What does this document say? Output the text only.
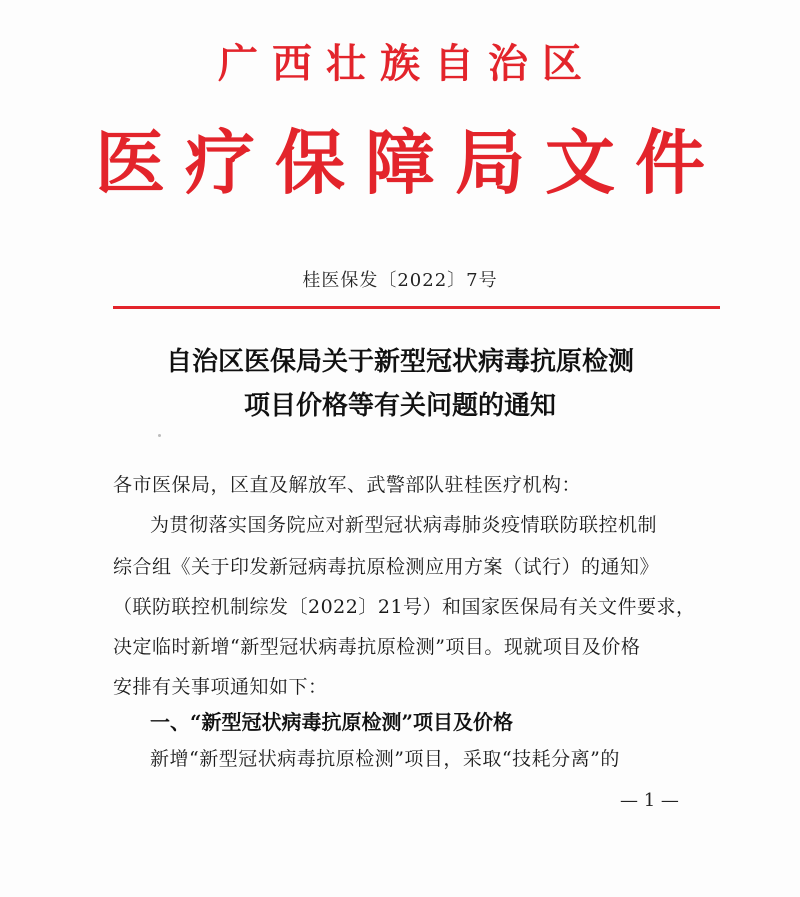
广西壮族自治区
医疗保障局文件
桂医保发〔2022〕7号
自治区医保局关于新型冠状病毒抗原检测
项目价格等有关问题的通知
各市医保局，区直及解放军、武警部队驻桂医疗机构：
为贯彻落实国务院应对新型冠状病毒肺炎疫情联防联控机制
综合组《关于印发新冠病毒抗原检测应用方案（试行）的通知》
（联防联控机制综发〔2022〕21号）和国家医保局有关文件要求，
决定临时新增“新型冠状病毒抗原检测”项目。现就项目及价格
安排有关事项通知如下：
一、“新型冠状病毒抗原检测”项目及价格
新增“新型冠状病毒抗原检测”项目，采取“技耗分离”的
— 1 —
